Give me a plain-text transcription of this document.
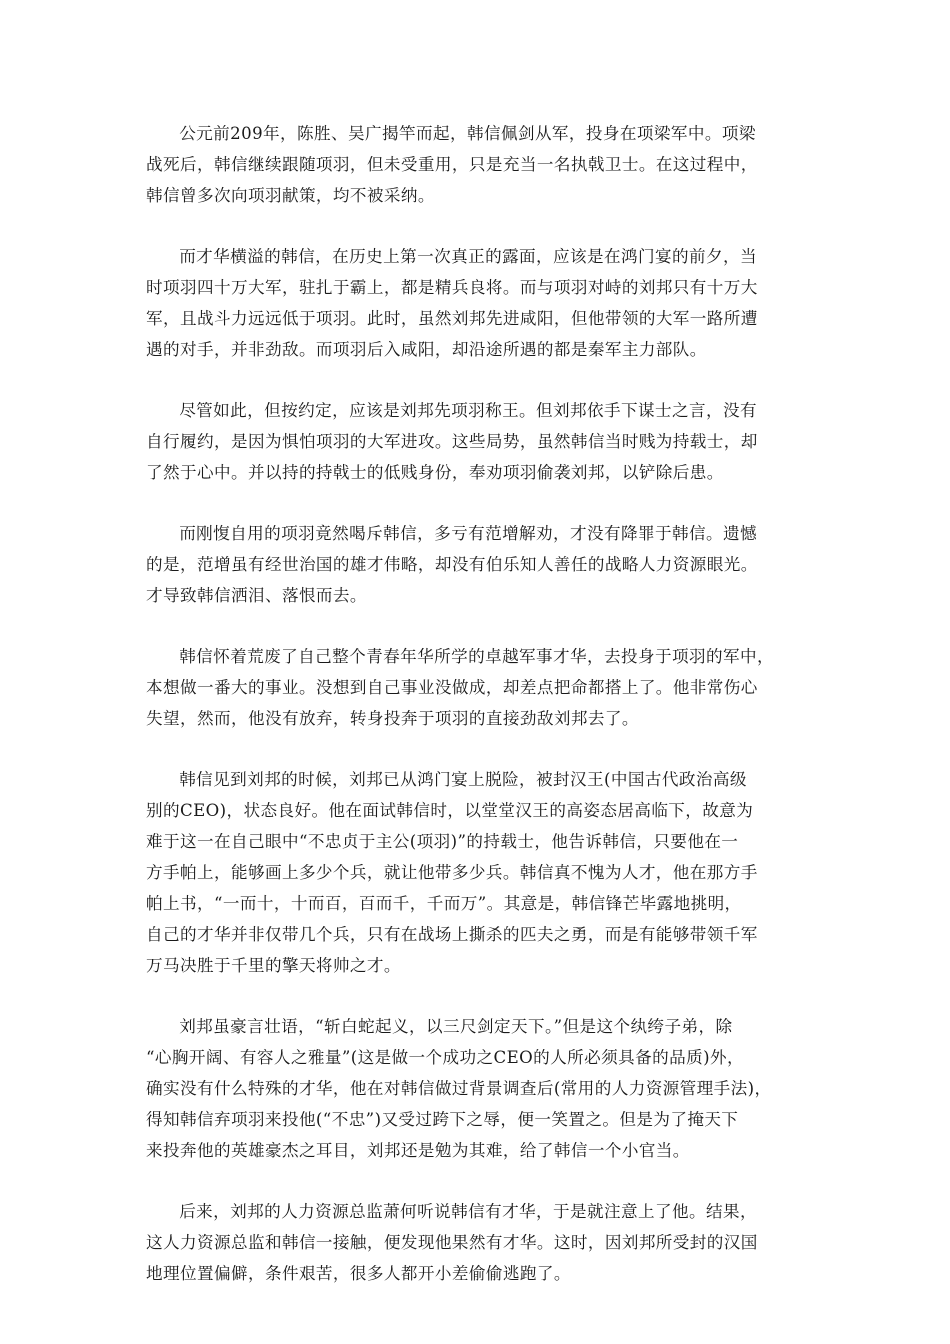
公元前209年，陈胜、吴广揭竿而起，韩信佩剑从军，投身在项梁军中。项梁
战死后，韩信继续跟随项羽，但未受重用，只是充当一名执戟卫士。在这过程中，
韩信曾多次向项羽献策，均不被采纳。

而才华横溢的韩信，在历史上第一次真正的露面，应该是在鸿门宴的前夕，当
时项羽四十万大军，驻扎于霸上，都是精兵良将。而与项羽对峙的刘邦只有十万大
军，且战斗力远远低于项羽。此时，虽然刘邦先进咸阳，但他带领的大军一路所遭
遇的对手，并非劲敌。而项羽后入咸阳，却沿途所遇的都是秦军主力部队。

尽管如此，但按约定，应该是刘邦先项羽称王。但刘邦依手下谋士之言，没有
自行履约，是因为惧怕项羽的大军进攻。这些局势，虽然韩信当时贱为持载士，却
了然于心中。并以持的持戟士的低贱身份，奉劝项羽偷袭刘邦，以铲除后患。

而刚愎自用的项羽竟然喝斥韩信，多亏有范增解劝，才没有降罪于韩信。遗憾
的是，范增虽有经世治国的雄才伟略，却没有伯乐知人善任的战略人力资源眼光。
才导致韩信洒泪、落恨而去。

韩信怀着荒废了自己整个青春年华所学的卓越军事才华，去投身于项羽的军中，
本想做一番大的事业。没想到自己事业没做成，却差点把命都搭上了。他非常伤心
失望，然而，他没有放弃，转身投奔于项羽的直接劲敌刘邦去了。

韩信见到刘邦的时候，刘邦已从鸿门宴上脱险，被封汉王(中国古代政治高级
别的CEO)，状态良好。他在面试韩信时，以堂堂汉王的高姿态居高临下，故意为
难于这一在自己眼中“不忠贞于主公(项羽)”的持载士，他告诉韩信，只要他在一
方手帕上，能够画上多少个兵，就让他带多少兵。韩信真不愧为人才，他在那方手
帕上书，“一而十，十而百，百而千，千而万”。其意是，韩信锋芒毕露地挑明，
自己的才华并非仅带几个兵，只有在战场上撕杀的匹夫之勇，而是有能够带领千军
万马决胜于千里的擎天将帅之才。

刘邦虽豪言壮语，“斩白蛇起义，以三尺剑定天下。”但是这个纨绔子弟，除
“心胸开阔、有容人之雅量”(这是做一个成功之CEO的人所必须具备的品质)外，
确实没有什么特殊的才华，他在对韩信做过背景调查后(常用的人力资源管理手法)，
得知韩信弃项羽来投他(“不忠”)又受过跨下之辱，便一笑置之。但是为了掩天下
来投奔他的英雄豪杰之耳目，刘邦还是勉为其难，给了韩信一个小官当。

后来，刘邦的人力资源总监萧何听说韩信有才华，于是就注意上了他。结果，
这人力资源总监和韩信一接触，便发现他果然有才华。这时，因刘邦所受封的汉国
地理位置偏僻，条件艰苦，很多人都开小差偷偷逃跑了。
